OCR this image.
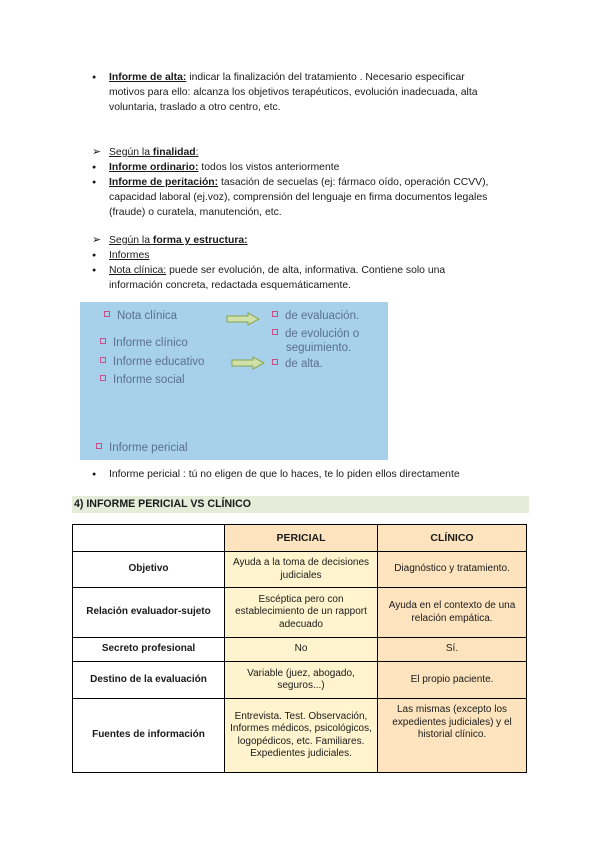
●
Informe de alta: indicar la finalización del tratamiento . Necesario especificar
motivos para ello: alcanza los objetivos terapéuticos, evolución inadecuada, alta
voluntaria, traslado a otro centro, etc.
➢
Según la finalidad:
●
Informe ordinario: todos los vistos anteriormente
●
Informe de peritación: tasación de secuelas (ej: fármaco oído, operación CCVV),
capacidad laboral (ej.voz), comprensión del lenguaje en firma documentos legales
(fraude) o curatela, manutención, etc.
➢
Según la forma y estructura:
●
Informes
●
Nota clínica: puede ser evolución, de alta, informativa. Contiene solo una
información concreta, redactada esquemáticamente.
Nota clínica
Informe clínico
Informe educativo
Informe social
Informe pericial
de evaluación.
de evolución o
seguimiento.
de alta.
●
Informe pericial : tú no eligen de que lo haces, te lo piden ellos directamente
4) INFORME PERICIAL VS CLÍNICO
	PERICIAL	CLÍNICO
Objetivo	Ayuda a la toma de decisiones judiciales	Diagnóstico y tratamiento.
Relación evaluador-sujeto	Escéptica pero con establecimiento de un rapport adecuado	Ayuda en el contexto de una relación empática.
Secreto profesional	No	Sí.
Destino de la evaluación	Variable (juez, abogado, seguros...)	El propio paciente.
Fuentes de información	Entrevista. Test. Observación, Informes médicos, psicológicos, logopédicos, etc. Familiares. Expedientes judiciales.	Las mismas (excepto los expedientes judiciales) y el historial clínico.
